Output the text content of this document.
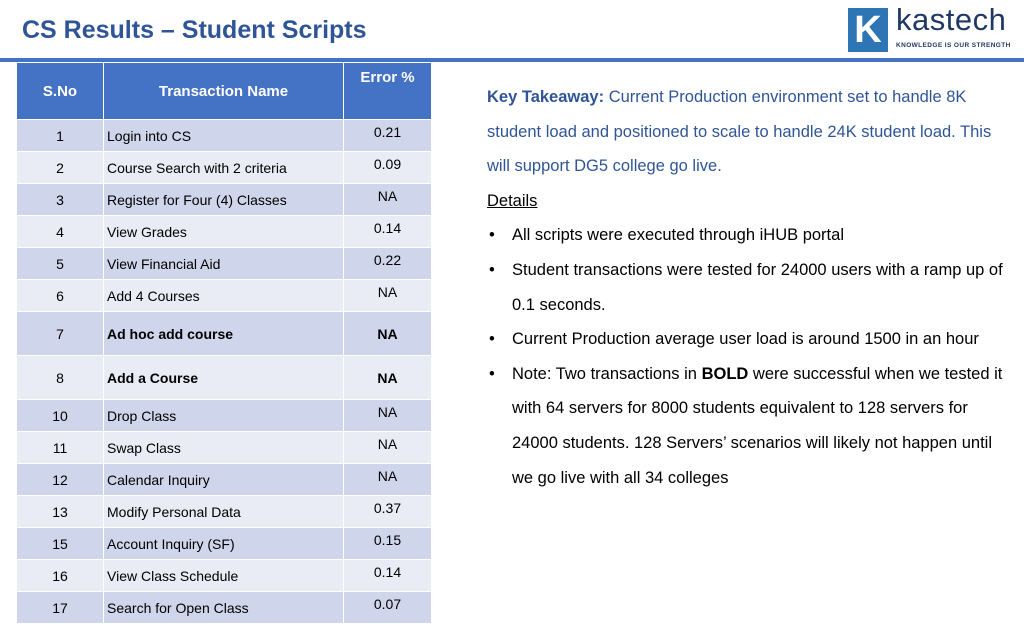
CS Results – Student Scripts	K kastech
KNOWLEDGE IS OUR STRENGTH
S.No	Transaction Name	Error %
1	Login into CS	0.21
2	Course Search with 2 criteria	0.09
3	Register for Four (4) Classes	NA
4	View Grades	0.14
5	View Financial Aid	0.22
6	Add 4 Courses	NA
7	Ad hoc add course	NA
8	Add a Course	NA
10	Drop Class	NA
11	Swap Class	NA
12	Calendar Inquiry	NA
13	Modify Personal Data	0.37
15	Account Inquiry (SF)	0.15
16	View Class Schedule	0.14
17	Search for Open Class	0.07
Key Takeaway: Current Production environment set to handle 8K student load and positioned to scale to handle 24K student load. This will support DG5 college go live.
Details
• All scripts were executed through iHUB portal
• Student transactions were tested for 24000 users with a ramp up of 0.1 seconds.
• Current Production average user load is around 1500 in an hour
• Note: Two transactions in BOLD were successful when we tested it with 64 servers for 8000 students equivalent to 128 servers for 24000 students. 128 Servers’ scenarios will likely not happen until we go live with all 34 colleges
